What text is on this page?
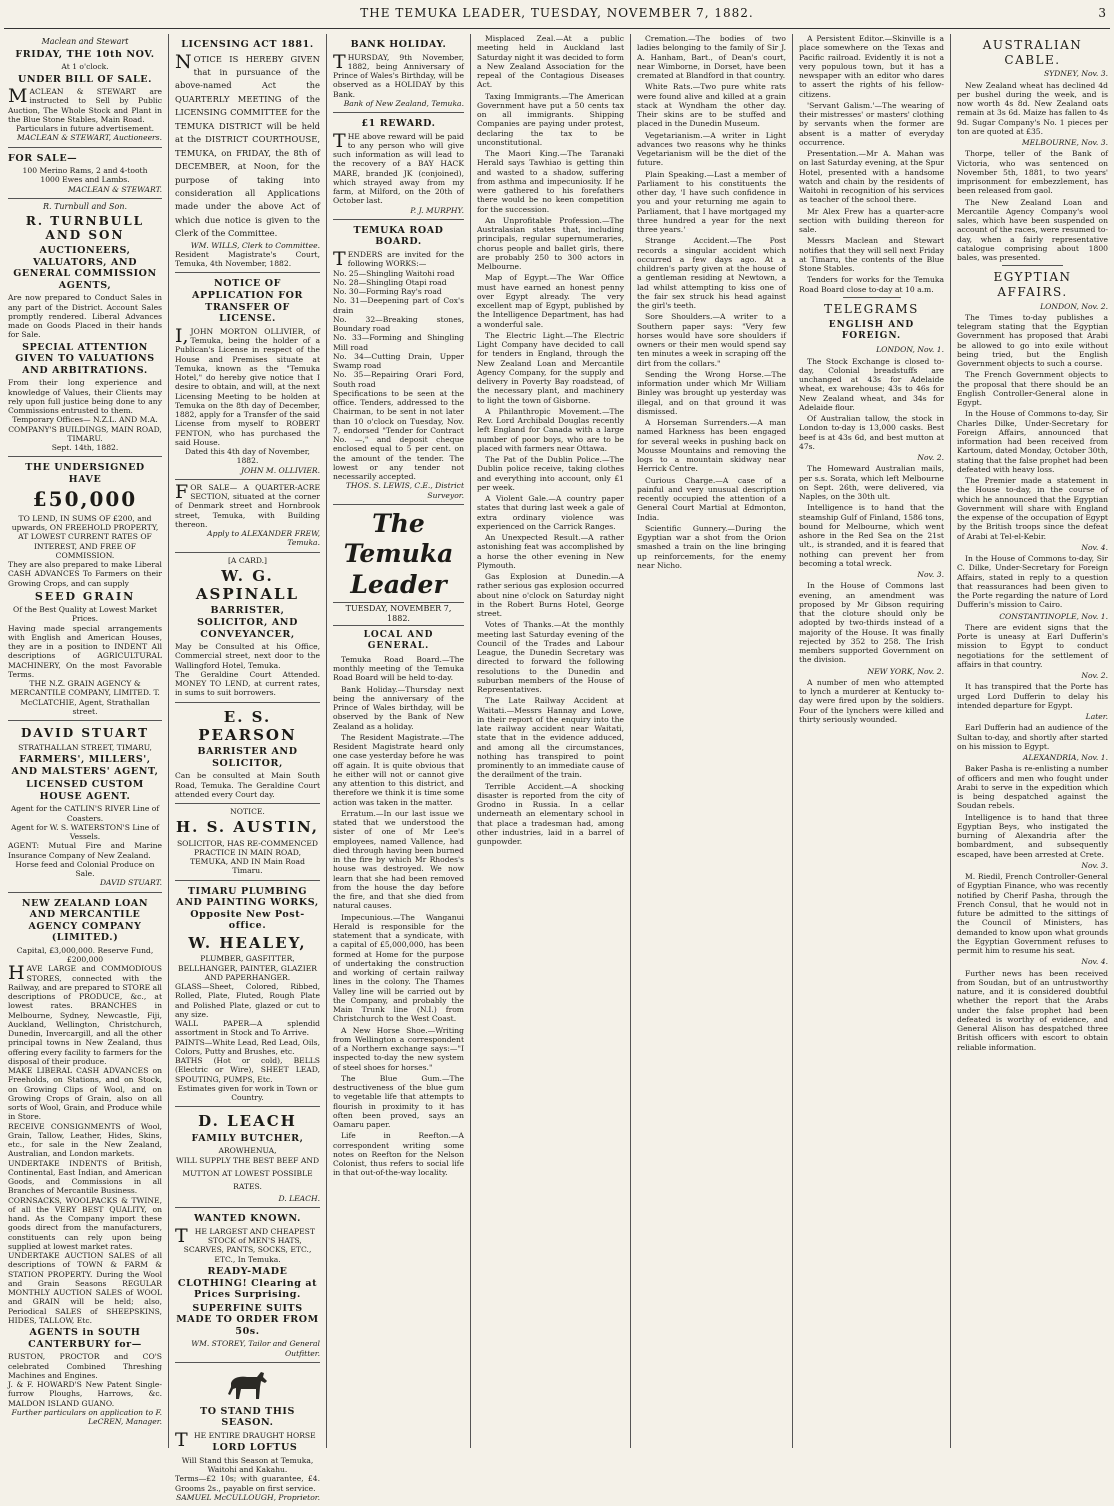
THE TEMUKA LEADER, TUESDAY, NOVEMBER 7, 1882.	3
Maclean and Stewart
FRIDAY, THE 10th NOV.
At 1 o'clock.
UNDER BILL OF SALE.
MACLEAN & STEWART are instructed to Sell by Public Auction, The Whole Stock and Plant in the Blue Stone Stables, Main Road.
Particulars in future advertisement.
MACLEAN & STEWART, Auctioneers.
FOR SALE—
100 Merino Rams, 2 and 4-tooth
1000 Ewes and Lambs.
MACLEAN & STEWART.
R. Turnbull and Son.
R. TURNBULL AND SON
AUCTIONEERS, VALUATORS, AND GENERAL COMMISSION AGENTS,
Are now prepared to Conduct Sales in any part of the District. Account Sales promptly rendered. Liberal Advances made on Goods Placed in their hands for Sale.
SPECIAL ATTENTION GIVEN TO VALUATIONS AND ARBITRATIONS.
From their long experience and knowledge of Values, their Clients may rely upon full justice being done to any Commissions entrusted to them.
Temporary Offices— N.Z.L. AND M.A. COMPANY'S BUILDINGS, MAIN ROAD, TIMARU.
Sept. 14th, 1882.
THE UNDERSIGNED HAVE
£50,000
TO LEND, IN SUMS OF £200, and upwards, ON FREEHOLD PROPERTY, AT LOWEST CURRENT RATES OF INTEREST, AND FREE OF COMMISSION.
They are also prepared to make Liberal CASH ADVANCES To Farmers on their Growing Crops, and can supply
SEED GRAIN
Of the Best Quality at Lowest Market Prices.
Having made special arrangements with English and American Houses, they are in a position to INDENT All descriptions of AGRICULTURAL MACHINERY, On the most Favorable Terms.
THE N.Z. GRAIN AGENCY & MERCANTILE COMPANY, LIMITED. T. McCLATCHIE, Agent, Strathallan street.
DAVID STUART
STRATHALLAN STREET, TIMARU,
FARMERS', MILLERS', AND MALSTERS' AGENT,
LICENSED CUSTOM HOUSE AGENT.
Agent for the CATLIN'S RIVER Line of Coasters.
Agent for W. S. WATERSTON'S Line of Vessels.
AGENT: Mutual Fire and Marine Insurance Company of New Zealand.
Horse feed and Colonial Produce on Sale.
DAVID STUART.
NEW ZEALAND LOAN AND MERCANTILE AGENCY COMPANY (LIMITED.)
Capital, £3,000,000. Reserve Fund, £200,000
HAVE LARGE and COMMODIOUS STORES, connected with the Railway, and are prepared to STORE all descriptions of PRODUCE, &c., at lowest rates. BRANCHES in Melbourne, Sydney, Newcastle, Fiji, Auckland, Wellington, Christchurch, Dunedin, Invercargill, and all the other principal towns in New Zealand, thus offering every facility to farmers for the disposal of their produce.
MAKE LIBERAL CASH ADVANCES on Freeholds, on Stations, and on Stock, on Growing Clips of Wool, and on Growing Crops of Grain, also on all sorts of Wool, Grain, and Produce while in Store.
RECEIVE CONSIGNMENTS of Wool, Grain, Tallow, Leather, Hides, Skins, etc., for sale in the New Zealand, Australian, and London markets.
UNDERTAKE INDENTS of British, Continental, East Indian, and American Goods, and Commissions in all Branches of Mercantile Business.
CORNSACKS, WOOLPACKS & TWINE, of all the VERY BEST QUALITY, on hand. As the Company import these goods direct from the manufacturers, constituents can rely upon being supplied at lowest market rates.
UNDERTAKE AUCTION SALES of all descriptions of TOWN & FARM & STATION PROPERTY. During the Wool and Grain Seasons REGULAR MONTHLY AUCTION SALES of WOOL and GRAIN will be held; also, Periodical SALES of SHEEPSKINS, HIDES, TALLOW, Etc.
AGENTS in SOUTH CANTERBURY for—
RUSTON, PROCTOR and CO'S celebrated Combined Threshing Machines and Engines.
J. & F. HOWARD'S New Patent Single-furrow Ploughs, Harrows, &c. MALDON ISLAND GUANO.
Further particulars on application to F. LeCREN, Manager.
LICENSING ACT 1881.
NOTICE IS HEREBY GIVEN that in pursuance of the above-named Act the QUARTERLY MEETING of the LICENSING COMMITTEE for the TEMUKA DISTRICT will be held at the DISTRICT COURTHOUSE, TEMUKA, on FRIDAY, the 8th of DECEMBER, at Noon, for the purpose of taking into consideration all Applications made under the above Act of which due notice is given to the Clerk of the Committee.
WM. WILLS, Clerk to Committee.
Resident Magistrate's Court, Temuka, 4th November, 1882.
NOTICE OF APPLICATION FOR TRANSFER OF LICENSE.
I,JOHN MORTON OLLIVIER, of Temuka, being the holder of a Publican's License in respect of the House and Premises situate at Temuka, known as the "Temuka Hotel," do hereby give notice that I desire to obtain, and will, at the next Licensing Meeting to be holden at Temuka on the 8th day of December, 1882, apply for a Transfer of the said License from myself to ROBERT FENTON, who has purchased the said House.
Dated this 4th day of November, 1882.
JOHN M. OLLIVIER.
FOR SALE— A QUARTER-ACRE SECTION, situated at the corner of Denmark street and Hornbrook street, Temuka, with Building thereon.
Apply to ALEXANDER FREW, Temuka.
[A CARD.]
W. G. ASPINALL
BARRISTER, SOLICITOR, AND CONVEYANCER,
May be Consulted at his Office, Commercial street, next door to the Wallingford Hotel, Temuka.
The Geraldine Court Attended. MONEY TO LEND, at current rates, in sums to suit borrowers.
E. S. PEARSON
BARRISTER AND SOLICITOR,
Can be consulted at Main South Road, Temuka. The Geraldine Court attended every Court day.
NOTICE.
H. S. AUSTIN,
SOLICITOR, HAS RE-COMMENCED PRACTICE IN MAIN ROAD, TEMUKA, AND IN Main Road Timaru.
TIMARU PLUMBING AND PAINTING WORKS, Opposite New Post-office.
W. HEALEY,
PLUMBER, GASFITTER, BELLHANGER, PAINTER, GLAZIER AND PAPERHANGER.
GLASS—Sheet, Colored, Ribbed, Rolled, Plate, Fluted, Rough Plate and Polished Plate, glazed or cut to any size.
WALL PAPER—A splendid assortment in Stock and To Arrive.
PAINTS—White Lead, Red Lead, Oils, Colors, Putty and Brushes, etc.
BATHS (Hot or cold), BELLS (Electric or Wire), SHEET LEAD, SPOUTING, PUMPS, Etc.
Estimates given for work in Town or Country.
D. LEACH
FAMILY BUTCHER,
AROWHENUA,
WILL SUPPLY THE BEST BEEF AND MUTTON AT LOWEST POSSIBLE RATES.
D. LEACH.
WANTED KNOWN.
THE LARGEST AND CHEAPEST STOCK of MEN'S HATS, SCARVES, PANTS, SOCKS, ETC., ETC., In Temuka.
READY-MADE CLOTHING! Clearing at Prices Surprising.
SUPERFINE SUITS MADE TO ORDER FROM 50s.
WM. STOREY, Tailor and General Outfitter.
TO STAND THIS SEASON.
THE ENTIRE DRAUGHT HORSE
LORD LOFTUS
Will Stand this Season at Temuka, Waitohi and Kakahu.
Terms—£2 10s; with guarantee, £4. Grooms 2s., payable on first service.
SAMUEL McCULLOUGH, Proprietor.
BANK HOLIDAY.
THURSDAY, 9th November, 1882, being Anniversary of Prince of Wales's Birthday, will be observed as a HOLIDAY by this Bank.
Bank of New Zealand, Temuka.
£1 REWARD.
THE above reward will be paid to any person who will give such information as will lead to the recovery of a BAY HACK MARE, branded JK (conjoined), which strayed away from my farm, at Milford, on the 20th of October last.
P. J. MURPHY.
TEMUKA ROAD BOARD.
TENDERS are invited for the following WORKS:—
No. 25—Shingling Waitohi road
No. 28—Shingling Otapi road
No. 30—Forming Ray's road
No. 31—Deepening part of Cox's drain
No. 32—Breaking stones, Boundary road
No. 33—Forming and Shingling Mill road
No. 34—Cutting Drain, Upper Swamp road
No. 35—Repairing Orari Ford, South road
Specifications to be seen at the office. Tenders, addressed to the Chairman, to be sent in not later than 10 o'clock on Tuesday, Nov. 7, endorsed "Tender for Contract No. —," and deposit cheque enclosed equal to 5 per cent. on the amount of the tender. The lowest or any tender not necessarily accepted.
THOS. S. LEWIS, C.E., District Surveyor.
The Temuka Leader
TUESDAY, NOVEMBER 7, 1882.
LOCAL AND GENERAL.
Temuka Road Board.—The monthly meeting of the Temuka Road Board will be held to-day.
Bank Holiday.—Thursday next being the anniversary of the Prince of Wales birthday, will be observed by the Bank of New Zealand as a holiday.
The Resident Magistrate.—The Resident Magistrate heard only one case yesterday before he was off again. It is quite obvious that he either will not or cannot give any attention to this district, and therefore we think it is time some action was taken in the matter.
Erratum.—In our last issue we stated that we understood the sister of one of Mr Lee's employees, named Vallence, had died through having been burned in the fire by which Mr Rhodes's house was destroyed. We now learn that she had been removed from the house the day before the fire, and that she died from natural causes.
Impecunious.—The Wanganui Herald is responsible for the statement that a syndicate, with a capital of £5,000,000, has been formed at Home for the purpose of undertaking the construction and working of certain railway lines in the colony. The Thames Valley line will be carried out by the Company, and probably the Main Trunk line (N.I.) from Christchurch to the West Coast.
A New Horse Shoe.—Writing from Wellington a correspondent of a Northern exchange says:—"I inspected to-day the new system of steel shoes for horses."
The Blue Gum.—The destructiveness of the blue gum to vegetable life that attempts to flourish in proximity to it has often been proved, says an Oamaru paper.
Life in Reefton.—A correspondent writing some notes on Reefton for the Nelson Colonist, thus refers to social life in that out-of-the-way locality.
Misplaced Zeal.—At a public meeting held in Auckland last Saturday night it was decided to form a New Zealand Association for the repeal of the Contagious Diseases Act.
Taxing Immigrants.—The American Government have put a 50 cents tax on all immigrants. Shipping Companies are paying under protest, declaring the tax to be unconstitutional.
The Maori King.—The Taranaki Herald says Tawhiao is getting thin and wasted to a shadow, suffering from asthma and impecuniosity. If he were gathered to his forefathers there would be no keen competition for the succession.
An Unprofitable Profession.—The Australasian states that, including principals, regular supernumeraries, chorus people and ballet girls, there are probably 250 to 300 actors in Melbourne.
Map of Egypt.—The War Office must have earned an honest penny over Egypt already. The very excellent map of Egypt, published by the Intelligence Department, has had a wonderful sale.
The Electric Light.—The Electric Light Company have decided to call for tenders in England, through the New Zealand Loan and Mercantile Agency Company, for the supply and delivery in Poverty Bay roadstead, of the necessary plant, and machinery to light the town of Gisborne.
A Philanthropic Movement.—The Rev. Lord Archibald Douglas recently left England for Canada with a large number of poor boys, who are to be placed with farmers near Ottawa.
The Pat of the Dublin Police.—The Dublin police receive, taking clothes and everything into account, only £1 per week.
A Violent Gale.—A country paper states that during last week a gale of extra ordinary violence was experienced on the Carrick Ranges.
An Unexpected Result.—A rather astonishing feat was accomplished by a horse the other evening in New Plymouth.
Gas Explosion at Dunedin.—A rather serious gas explosion occurred about nine o'clock on Saturday night in the Robert Burns Hotel, George street.
Votes of Thanks.—At the monthly meeting last Saturday evening of the Council of the Trades and Labour League, the Dunedin Secretary was directed to forward the following resolutions to the Dunedin and suburban members of the House of Representatives.
The Late Railway Accident at Waitati.—Messrs Hannay and Lowe, in their report of the enquiry into the late railway accident near Waitati, state that in the evidence adduced, and among all the circumstances, nothing has transpired to point prominently to an immediate cause of the derailment of the train.
Terrible Accident.—A shocking disaster is reported from the city of Grodno in Russia. In a cellar underneath an elementary school in that place a tradesman had, among other industries, laid in a barrel of gunpowder.
Cremation.—The bodies of two ladies belonging to the family of Sir J. A. Hanham, Bart., of Dean's court, near Wimborne, in Dorset, have been cremated at Blandford in that country.
White Rats.—Two pure white rats were found alive and killed at a grain stack at Wyndham the other day. Their skins are to be stuffed and placed in the Dunedin Museum.
Vegetarianism.—A writer in Light advances two reasons why he thinks Vegetarianism will be the diet of the future.
Plain Speaking.—Last a member of Parliament to his constituents the other day, 'I have such confidence in you and your returning me again to Parliament, that I have mortgaged my three hundred a year for the next three years.'
Strange Accident.—The Post records a singular accident which occurred a few days ago. At a children's party given at the house of a gentleman residing at Newtown, a lad whilst attempting to kiss one of the fair sex struck his head against the girl's teeth.
Sore Shoulders.—A writer to a Southern paper says: "Very few horses would have sore shoulders if owners or their men would spend say ten minutes a week in scraping off the dirt from the collars."
Sending the Wrong Horse.—The information under which Mr William Binley was brought up yesterday was illegal, and on that ground it was dismissed.
A Horseman Surrenders.—A man named Harkness has been engaged for several weeks in pushing back on Mousse Mountains and removing the logs to a mountain skidway near Herrick Centre.
Curious Charge.—A case of a painful and very unusual description recently occupied the attention of a General Court Martial at Edmonton, India.
Scientific Gunnery.—During the Egyptian war a shot from the Orion smashed a train on the line bringing up reinforcements, for the enemy near Nicho.
A Persistent Editor.—Skinville is a place somewhere on the Texas and Pacific railroad. Evidently it is not a very populous town, but it has a newspaper with an editor who dares to assert the rights of his fellow-citizens.
'Servant Galism.'—The wearing of their mistresses' or masters' clothing by servants when the former are absent is a matter of everyday occurrence.
Presentation.—Mr A. Mahan was on last Saturday evening, at the Spur Hotel, presented with a handsome watch and chain by the residents of Waitohi in recognition of his services as teacher of the school there.
Mr Alex Frew has a quarter-acre section with building thereon for sale.
Messrs Maclean and Stewart notifies that they will sell next Friday at Timaru, the contents of the Blue Stone Stables.
Tenders for works for the Temuka Road Board close to-day at 10 a.m.
TELEGRAMS
ENGLISH AND FOREIGN.
LONDON, Nov. 1.
The Stock Exchange is closed to-day, Colonial breadstuffs are unchanged at 43s for Adelaide wheat, ex warehouse; 43s to 46s for New Zealand wheat, and 34s for Adelaide flour.
Of Australian tallow, the stock in London to-day is 13,000 casks. Best beef is at 43s 6d, and best mutton at 47s.
Nov. 2.
The Homeward Australian mails, per s.s. Sorata, which left Melbourne on Sept. 26th, were delivered, via Naples, on the 30th ult.
Intelligence is to hand that the steamship Gulf of Finland, 1586 tons, bound for Melbourne, which went ashore in the Red Sea on the 21st ult., is stranded, and it is feared that nothing can prevent her from becoming a total wreck.
Nov. 3.
In the House of Commons last evening, an amendment was proposed by Mr Gibson requiring that the cloture should only be adopted by two-thirds instead of a majority of the House. It was finally rejected by 352 to 258. The Irish members supported Government on the division.
NEW YORK, Nov. 2.
A number of men who attempted to lynch a murderer at Kentucky to-day were fired upon by the soldiers. Four of the lynchers were killed and thirty seriously wounded.
AUSTRALIAN CABLE.
SYDNEY, Nov. 3.
New Zealand wheat has declined 4d per bushel during the week, and is now worth 4s 8d. New Zealand oats remain at 3s 6d. Maize has fallen to 4s 9d. Sugar Company's No. 1 pieces per ton are quoted at £35.
MELBOURNE, Nov. 3.
Thorpe, teller of the Bank of Victoria, who was sentenced on November 5th, 1881, to two years' imprisonment for embezzlement, has been released from gaol.
The New Zealand Loan and Mercantile Agency Company's wool sales, which have been suspended on account of the races, were resumed to-day, when a fairly representative catalogue comprising about 1800 bales, was presented.
EGYPTIAN AFFAIRS.
LONDON, Nov. 2.
The Times to-day publishes a telegram stating that the Egyptian Government has proposed that Arabi be allowed to go into exile without being tried, but the English Government objects to such a course.
The French Government objects to the proposal that there should be an English Controller-General alone in Egypt.
In the House of Commons to-day, Sir Charles Dilke, Under-Secretary for Foreign Affairs, announced that information had been received from Kartoum, dated Monday, October 30th, stating that the false prophet had been defeated with heavy loss.
The Premier made a statement in the House to-day, in the course of which he announced that the Egyptian Government will share with England the expense of the occupation of Egypt by the British troops since the defeat of Arabi at Tel-el-Kebir.
Nov. 4.
In the House of Commons to-day, Sir C. Dilke, Under-Secretary for Foreign Affairs, stated in reply to a question that reassurances had been given to the Porte regarding the nature of Lord Dufferin's mission to Cairo.
CONSTANTINOPLE, Nov. 1.
There are evident signs that the Porte is uneasy at Earl Dufferin's mission to Egypt to conduct negotiations for the settlement of affairs in that country.
Nov. 2.
It has transpired that the Porte has urged Lord Dufferin to delay his intended departure for Egypt.
Later.
Earl Dufferin had an audience of the Sultan to-day, and shortly after started on his mission to Egypt.
ALEXANDRIA, Nov. 1.
Baker Pasha is re-enlisting a number of officers and men who fought under Arabi to serve in the expedition which is being despatched against the Soudan rebels.
Intelligence is to hand that three Egyptian Beys, who instigated the burning of Alexandria after the bombardment, and subsequently escaped, have been arrested at Crete.
Nov. 3.
M. Riedil, French Controller-General of Egyptian Finance, who was recently notified by Cherif Pasha, through the French Consul, that he would not in future be admitted to the sittings of the Council of Ministers, has demanded to know upon what grounds the Egyptian Government refuses to permit him to resume his seat.
Nov. 4.
Further news has been received from Soudan, but of an untrustworthy nature, and it is considered doubtful whether the report that the Arabs under the false prophet had been defeated is worthy of evidence, and General Alison has despatched three British officers with escort to obtain reliable information.
